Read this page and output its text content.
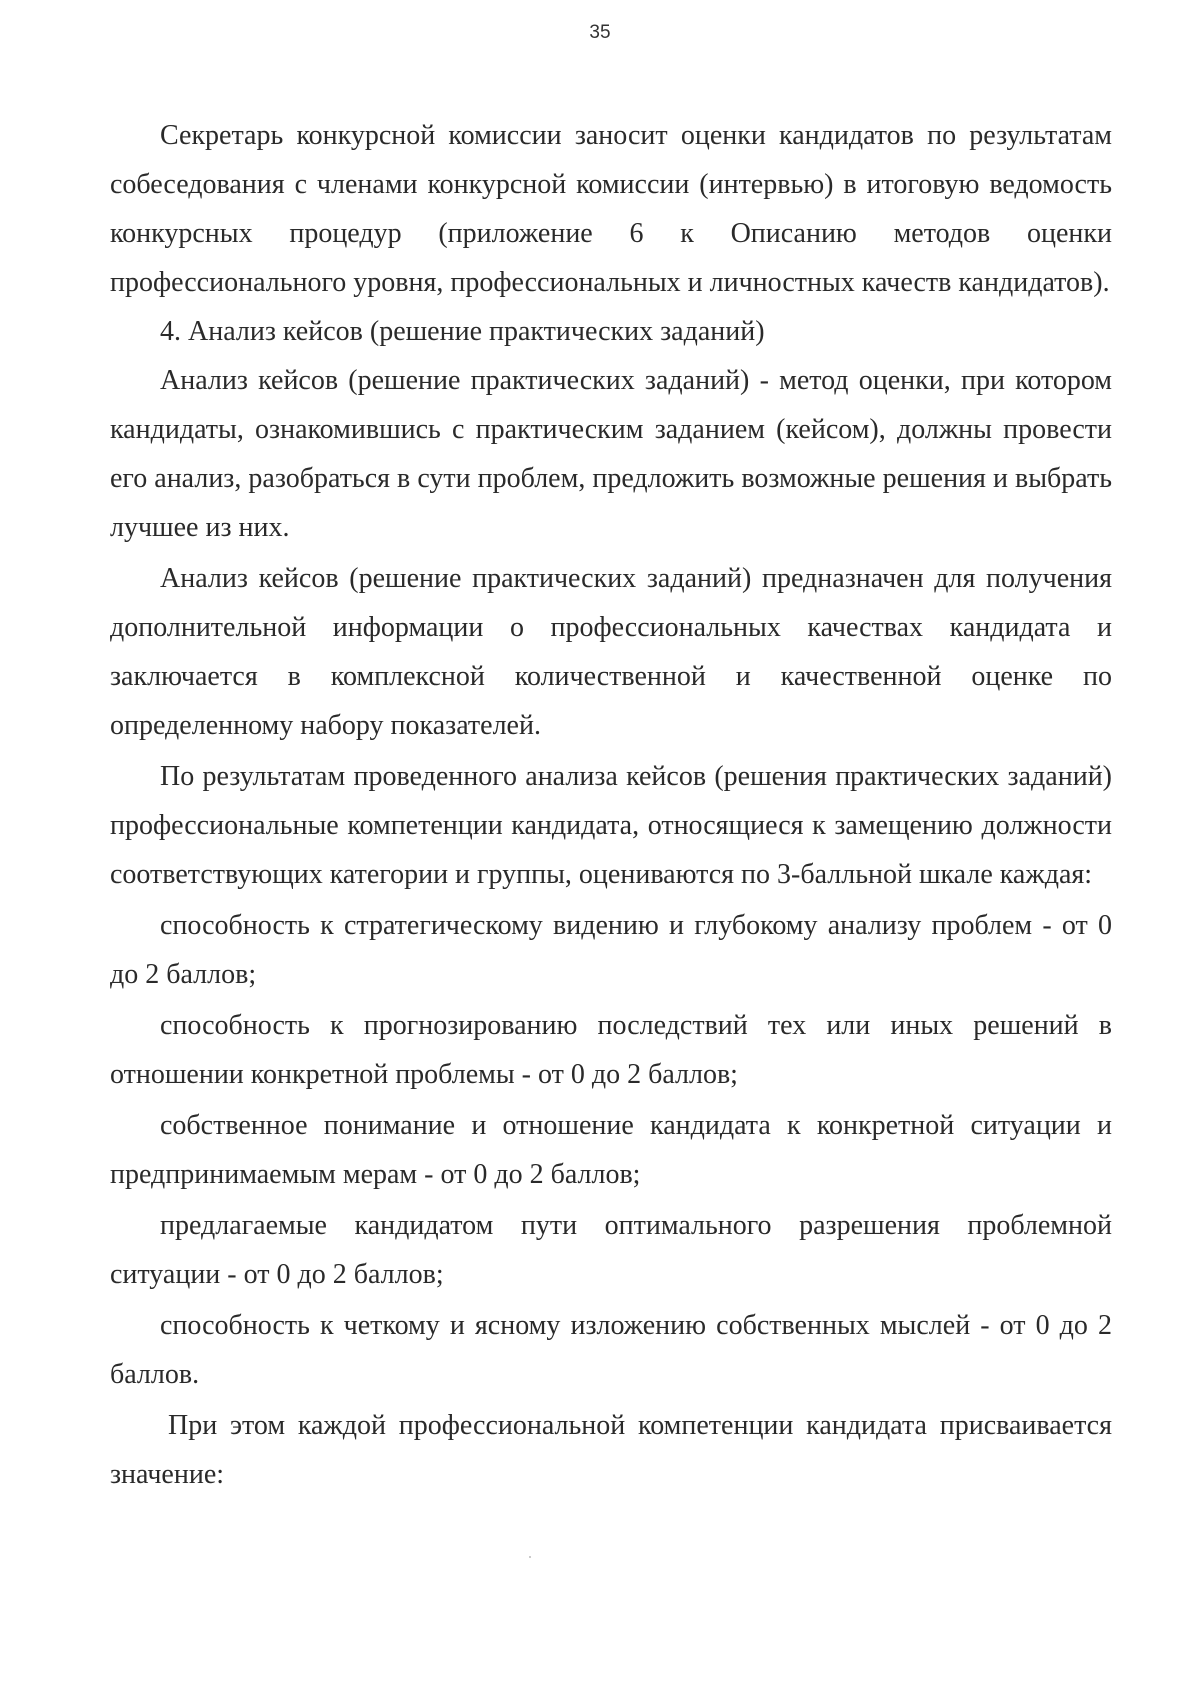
35

Секретарь конкурсной комиссии заносит оценки кандидатов по результатам собеседования с членами конкурсной комиссии (интервью) в итоговую ведомость конкурсных процедур (приложение 6 к Описанию методов оценки профессионального уровня, профессиональных и личностных качеств кандидатов).

4. Анализ кейсов (решение практических заданий)

Анализ кейсов (решение практических заданий) - метод оценки, при котором кандидаты, ознакомившись с практическим заданием (кейсом), должны провести его анализ, разобраться в сути проблем, предложить возможные решения и выбрать лучшее из них.

Анализ кейсов (решение практических заданий) предназначен для получения дополнительной информации о профессиональных качествах кандидата и заключается в комплексной количественной и качественной оценке по определенному набору показателей.

По результатам проведенного анализа кейсов (решения практических заданий) профессиональные компетенции кандидата, относящиеся к замещению должности соответствующих категории и группы, оцениваются по 3-балльной шкале каждая:

способность к стратегическому видению и глубокому анализу проблем - от 0 до 2 баллов;

способность к прогнозированию последствий тех или иных решений в отношении конкретной проблемы - от 0 до 2 баллов;

собственное понимание и отношение кандидата к конкретной ситуации и предпринимаемым мерам - от 0 до 2 баллов;

предлагаемые кандидатом пути оптимального разрешения проблемной ситуации - от 0 до 2 баллов;

способность к четкому и ясному изложению собственных мыслей - от 0 до 2 баллов.

При этом каждой профессиональной компетенции кандидата присваивается значение:
